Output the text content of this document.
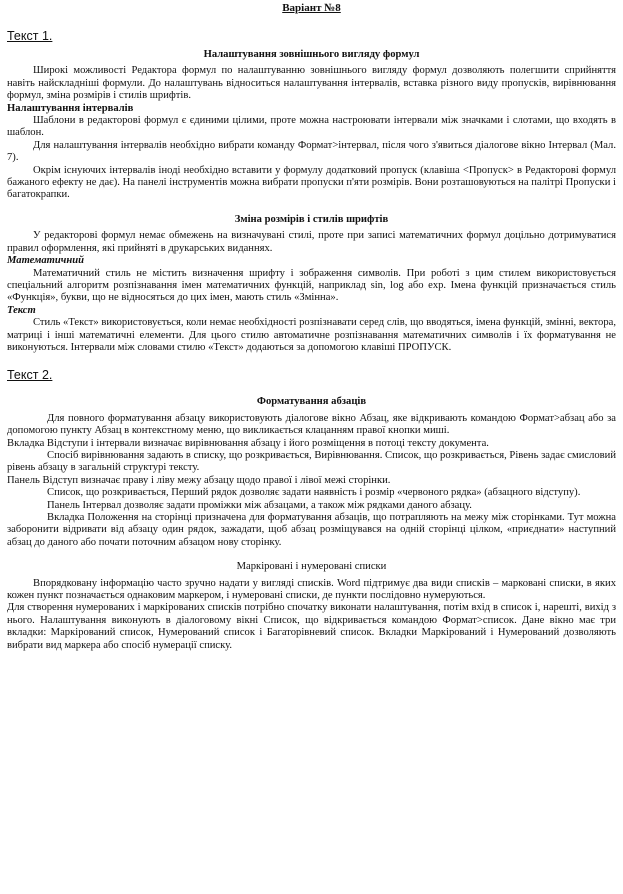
Варіант №8
Текст 1.
Налаштування зовнішнього вигляду формул

Широкі можливості Редактора формул по налаштуванню зовнішнього вигляду формул дозволяють полегшити сприйняття навіть найскладніші формули. До налаштувань відноситься налаштування інтервалів, вставка різного виду пропусків, вирівнювання формул, зміна розмірів і стилів шрифтів.

Налаштування інтервалів

Шаблони в редакторові формул є єдиними цілими, проте можна настроювати інтервали між значками і слотами, що входять в шаблон.

Для налаштування інтервалів необхідно вибрати команду Формат>інтервал, після чого з'явиться діалогове вікно Інтервал (Мал. 7).

Окрім існуючих інтервалів іноді необхідно вставити у формулу додатковий пропуск (клавіша <Пропуск> в Редакторові формул бажаного ефекту не дає). На панелі інструментів можна вибрати пропуски п'яти розмірів. Вони розташовуються на палітрі Пропуски і багатокрапки.

Зміна розмірів і стилів шрифтів

У редакторові формул немає обмежень на визначувані стилі, проте при записі математичних формул доцільно дотримуватися правил оформлення, які прийняті в друкарських виданнях.

Математичний

Математичний стиль не містить визначення шрифту і зображення символів. При роботі з цим стилем використовується спеціальний алгоритм розпізнавання імен математичних функцій, наприклад sin, log або exp. Імена функцій призначається стиль «Функція», букви, що не відносяться до цих імен, мають стиль «Змінна».

Текст

Стиль «Текст» використовується, коли немає необхідності розпізнавати серед слів, що вводяться, імена функцій, змінні, вектора, матриці і інші математичні елементи. Для цього стилю автоматичне розпізнавання математичних символів і їх форматування не виконуються. Інтервали між словами стилю «Текст» додаються за допомогою клавіші ПРОПУСК.

Текст 2.
Форматування абзаців

Для повного форматування абзацу використовують діалогове вікно Абзац, яке відкривають командою Формат>абзац або за допомогою пункту Абзац в контекстному меню, що викликається клацанням правої кнопки миші.

Вкладка Відступи і інтервали визначає вирівнювання абзацу і його розміщення в потоці тексту документа.

Спосіб вирівнювання задають в списку, що розкривається, Вирівнювання. Список, що розкривається, Рівень задає смисловий рівень абзацу в загальній структурі тексту.

Панель Відступ визначає праву і ліву межу абзацу щодо правої і лівої межі сторінки.

Список, що розкривається, Перший рядок дозволяє задати наявність і розмір «червоного рядка» (абзацного відступу).

Панель Інтервал дозволяє задати проміжки між абзацами, а також між рядками даного абзацу.

Вкладка Положення на сторінці призначена для форматування абзаців, що потрапляють на межу між сторінками. Тут можна заборонити відривати від абзацу один рядок, зажадати, щоб абзац розміщувався на одній сторінці цілком, «приєднати» наступний абзац до даного або почати поточним абзацом нову сторінку.

Маркіровані і нумеровані списки

Впорядковану інформацію часто зручно надати у вигляді списків. Word підтримує два види списків – марковані списки, в яких кожен пункт позначається однаковим маркером, і нумеровані списки, де пункти послідовно нумеруються.

Для створення нумерованих і маркірованих списків потрібно спочатку виконати налаштування, потім вхід в список і, нарешті, вихід з нього. Налаштування виконують в діалоговому вікні Список, що відкривається командою Формат>список. Дане вікно має три вкладки: Маркірований список, Нумерований список і Багаторівневий список. Вкладки Маркірований і Нумерований дозволяють вибрати вид маркера або спосіб нумерації списку.
